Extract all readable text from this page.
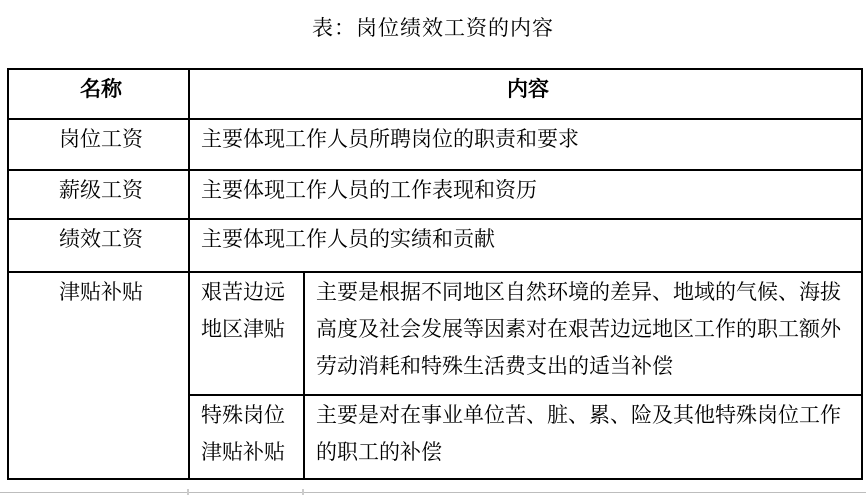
表：岗位绩效工资的内容
名称	内容	
岗位工资	主要体现工作人员所聘岗位的职责和要求	
薪级工资	主要体现工作人员的工作表现和资历	
绩效工资	主要体现工作人员的实绩和贡献	
津贴补贴	艰苦边远地区津贴	主要是根据不同地区自然环境的差异、地域的气候、海拔高度及社会发展等因素对在艰苦边远地区工作的职工额外劳动消耗和特殊生活费支出的适当补偿
	特殊岗位津贴补贴	主要是对在事业单位苦、脏、累、险及其他特殊岗位工作的职工的补偿
